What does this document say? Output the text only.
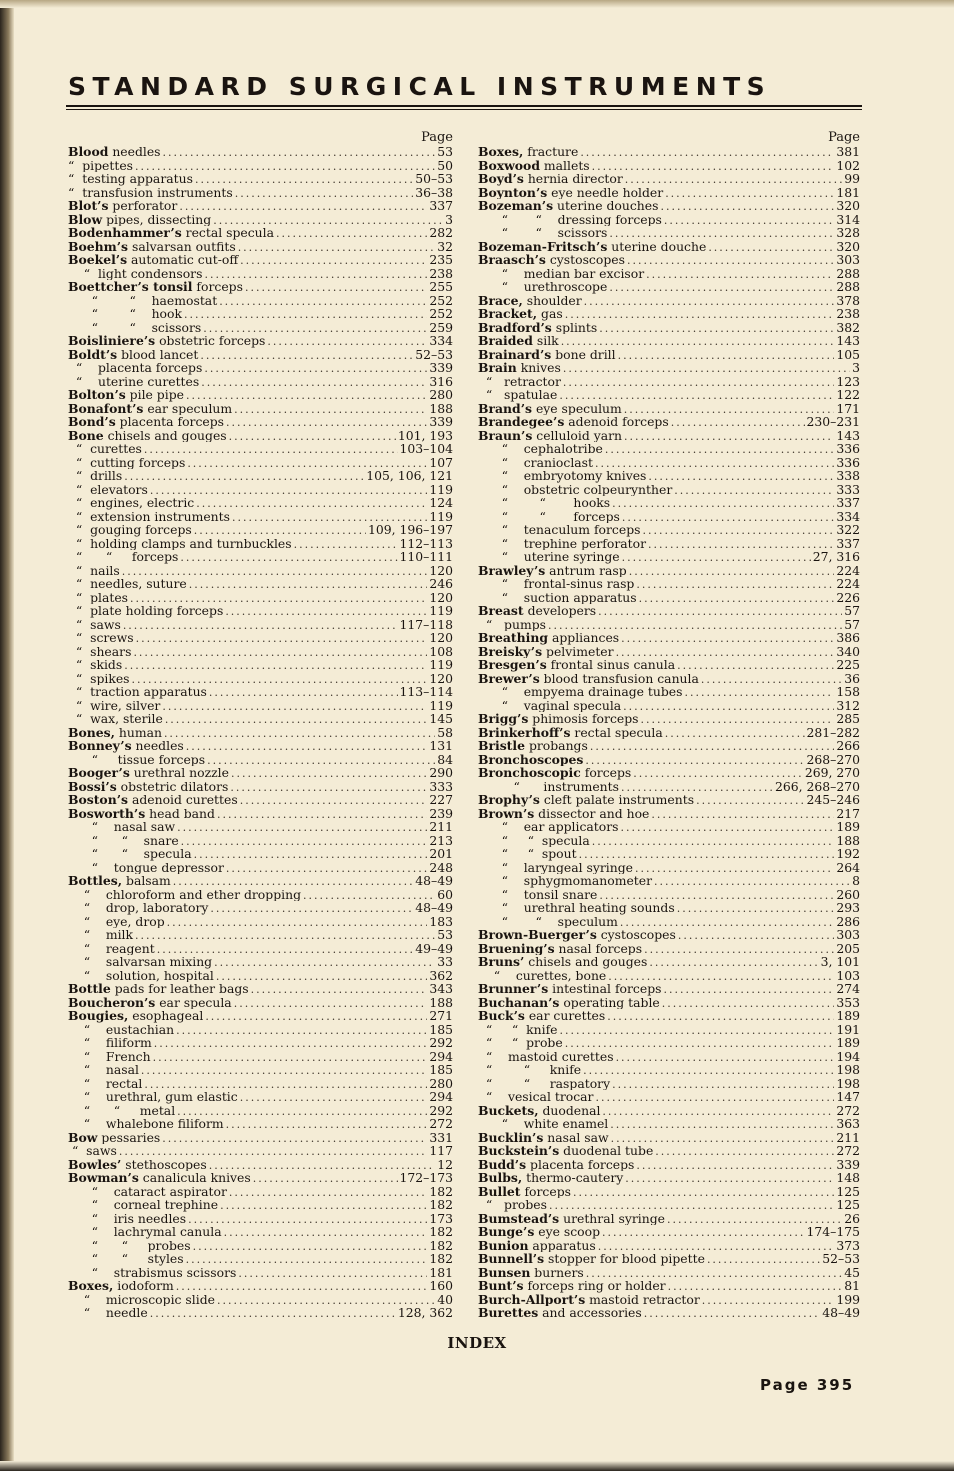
STANDARD SURGICAL INSTRUMENTS
Page
Blood needles .....	53
“  pipettes .....	50
“  testing apparatus .....	50–53
“  transfusion instruments .....	36–38
Blot’s perforator .....	337
Blow pipes, dissecting .....	3
Bodenhammer’s rectal specula .....	282
Boehm’s salvarsan outfits .....	32
Boekel’s automatic cut-off .....	235
“  light condensors .....	238
Boettcher’s tonsil forceps .....	255
“        “    haemostat .....	252
“        “    hook .....	252
“        “    scissors .....	259
Boisliniere’s obstetric forceps .....	334
Boldt’s blood lancet .....	52–53
“    placenta forceps .....	339
“    uterine curettes .....	316
Bolton’s pile pipe .....	280
Bonafont’s ear speculum .....	188
Bond’s placenta forceps .....	339
Bone chisels and gouges .....	101, 193
“  curettes .....	103–104
“  cutting forceps .....	107
“  drills .....	105, 106, 121
“  elevators .....	119
“  engines, electric .....	124
“  extension instruments .....	119
“  gouging forceps .....	109, 196–197
“  holding clamps and turnbuckles .....	112–113
“      “     forceps .....	110–111
“  nails .....	120
“  needles, suture .....	246
“  plates .....	120
“  plate holding forceps .....	119
“  saws .....	117–118
“  screws .....	120
“  shears .....	108
“  skids .....	119
“  spikes .....	120
“  traction apparatus .....	113–114
“  wire, silver .....	119
“  wax, sterile .....	145
Bones, human .....	58
Bonney’s needles .....	131
“     tissue forceps .....	84
Booger’s urethral nozzle .....	290
Bossi’s obstetric dilators .....	333
Boston’s adenoid curettes .....	227
Bosworth’s head band .....	239
“    nasal saw .....	211
“      “    snare .....	213
“      “    specula .....	201
“    tongue depressor .....	248
Bottles, balsam .....	48–49
“    chloroform and ether dropping .....	60
“    drop, laboratory .....	48–49
“    eye, drop .....	183
“    milk .....	53
“    reagent .....	49–49
“    salvarsan mixing .....	33
“    solution, hospital .....	362
Bottle pads for leather bags .....	343
Boucheron’s ear specula .....	188
Bougies, esophageal .....	271
“    eustachian .....	185
“    filiform .....	292
“    French .....	294
“    nasal .....	185
“    rectal .....	280
“    urethral, gum elastic .....	294
“      “     metal .....	292
“    whalebone filiform .....	272
Bow pessaries .....	331
“  saws .....	117
Bowles’ stethoscopes .....	12
Bowman’s canalicula knives .....	172–173
“    cataract aspirator .....	182
“    corneal trephine .....	182
“    iris needles .....	173
“    lachrymal canula .....	182
“      “     probes .....	182
“      “     styles .....	182
“    strabismus scissors .....	181
Boxes, iodoform .....	160
“    microscopic slide .....	40
“    needle .....	128, 362
Page
Boxes, fracture .....	381
Boxwood mallets .....	102
Boyd’s hernia director .....	99
Boynton’s eye needle holder .....	181
Bozeman’s uterine douches .....	320
“       “    dressing forceps .....	314
“       “    scissors .....	328
Bozeman-Fritsch’s uterine douche .....	320
Braasch’s cystoscopes .....	303
“    median bar excisor .....	288
“    urethroscope .....	288
Brace, shoulder .....	378
Bracket, gas .....	238
Bradford’s splints .....	382
Braided silk .....	143
Brainard’s bone drill .....	105
Brain knives .....	3
“   retractor .....	123
“   spatulae .....	122
Brand’s eye speculum .....	171
Brandegee’s adenoid forceps .....	230–231
Braun’s celluloid yarn .....	143
“    cephalotribe .....	336
“    cranioclast .....	336
“    embryotomy knives .....	338
“    obstetric colpeurynther .....	333
“        “       hooks .....	337
“        “       forceps .....	334
“    tenaculum forceps .....	322
“    trephine perforator .....	337
“    uterine syringe .....	27, 316
Brawley’s antrum rasp .....	224
“    frontal-sinus rasp .....	224
“    suction apparatus .....	226
Breast developers .....	57
“   pumps .....	57
Breathing appliances .....	386
Breisky’s pelvimeter .....	340
Bresgen’s frontal sinus canula .....	225
Brewer’s blood transfusion canula .....	36
“    empyema drainage tubes .....	158
“    vaginal specula .....	312
Brigg’s phimosis forceps .....	285
Brinkerhoff’s rectal specula .....	281–282
Bristle probangs .....	266
Bronchoscopes .....	268–270
Bronchoscopic forceps .....	269, 270
“      instruments .....	266, 268–270
Brophy’s cleft palate instruments .....	245–246
Brown’s dissector and hoe .....	217
“    ear applicators .....	189
“     “  specula .....	188
“     “  spout .....	192
“    laryngeal syringe .....	264
“    sphygmomanometer .....	8
“    tonsil snare .....	260
“    urethral heating sounds .....	293
“       “    speculum .....	286
Brown-Buerger’s cystoscopes .....	303
Bruening’s nasal forceps .....	205
Bruns’ chisels and gouges .....	3, 101
“    curettes, bone .....	103
Brunner’s intestinal forceps .....	274
Buchanan’s operating table .....	353
Buck’s ear curettes .....	189
“     “  knife .....	191
“     “  probe .....	189
“    mastoid curettes .....	194
“        “     knife .....	198
“        “     raspatory .....	198
“    vesical trocar .....	147
Buckets, duodenal .....	272
“    white enamel .....	363
Bucklin’s nasal saw .....	211
Buckstein’s duodenal tube .....	272
Budd’s placenta forceps .....	339
Bulbs, thermo-cautery .....	148
Bullet forceps .....	125
“   probes .....	125
Bumstead’s urethral syringe .....	26
Bunge’s eye scoop .....	174–175
Bunion apparatus .....	373
Bunnell’s stopper for blood pipette .....	52–53
Bunsen burners .....	45
Bunt’s forceps ring or holder .....	81
Burch-Allport’s mastoid retractor .....	199
Burettes and accessories .....	48–49
INDEX
Page 395
